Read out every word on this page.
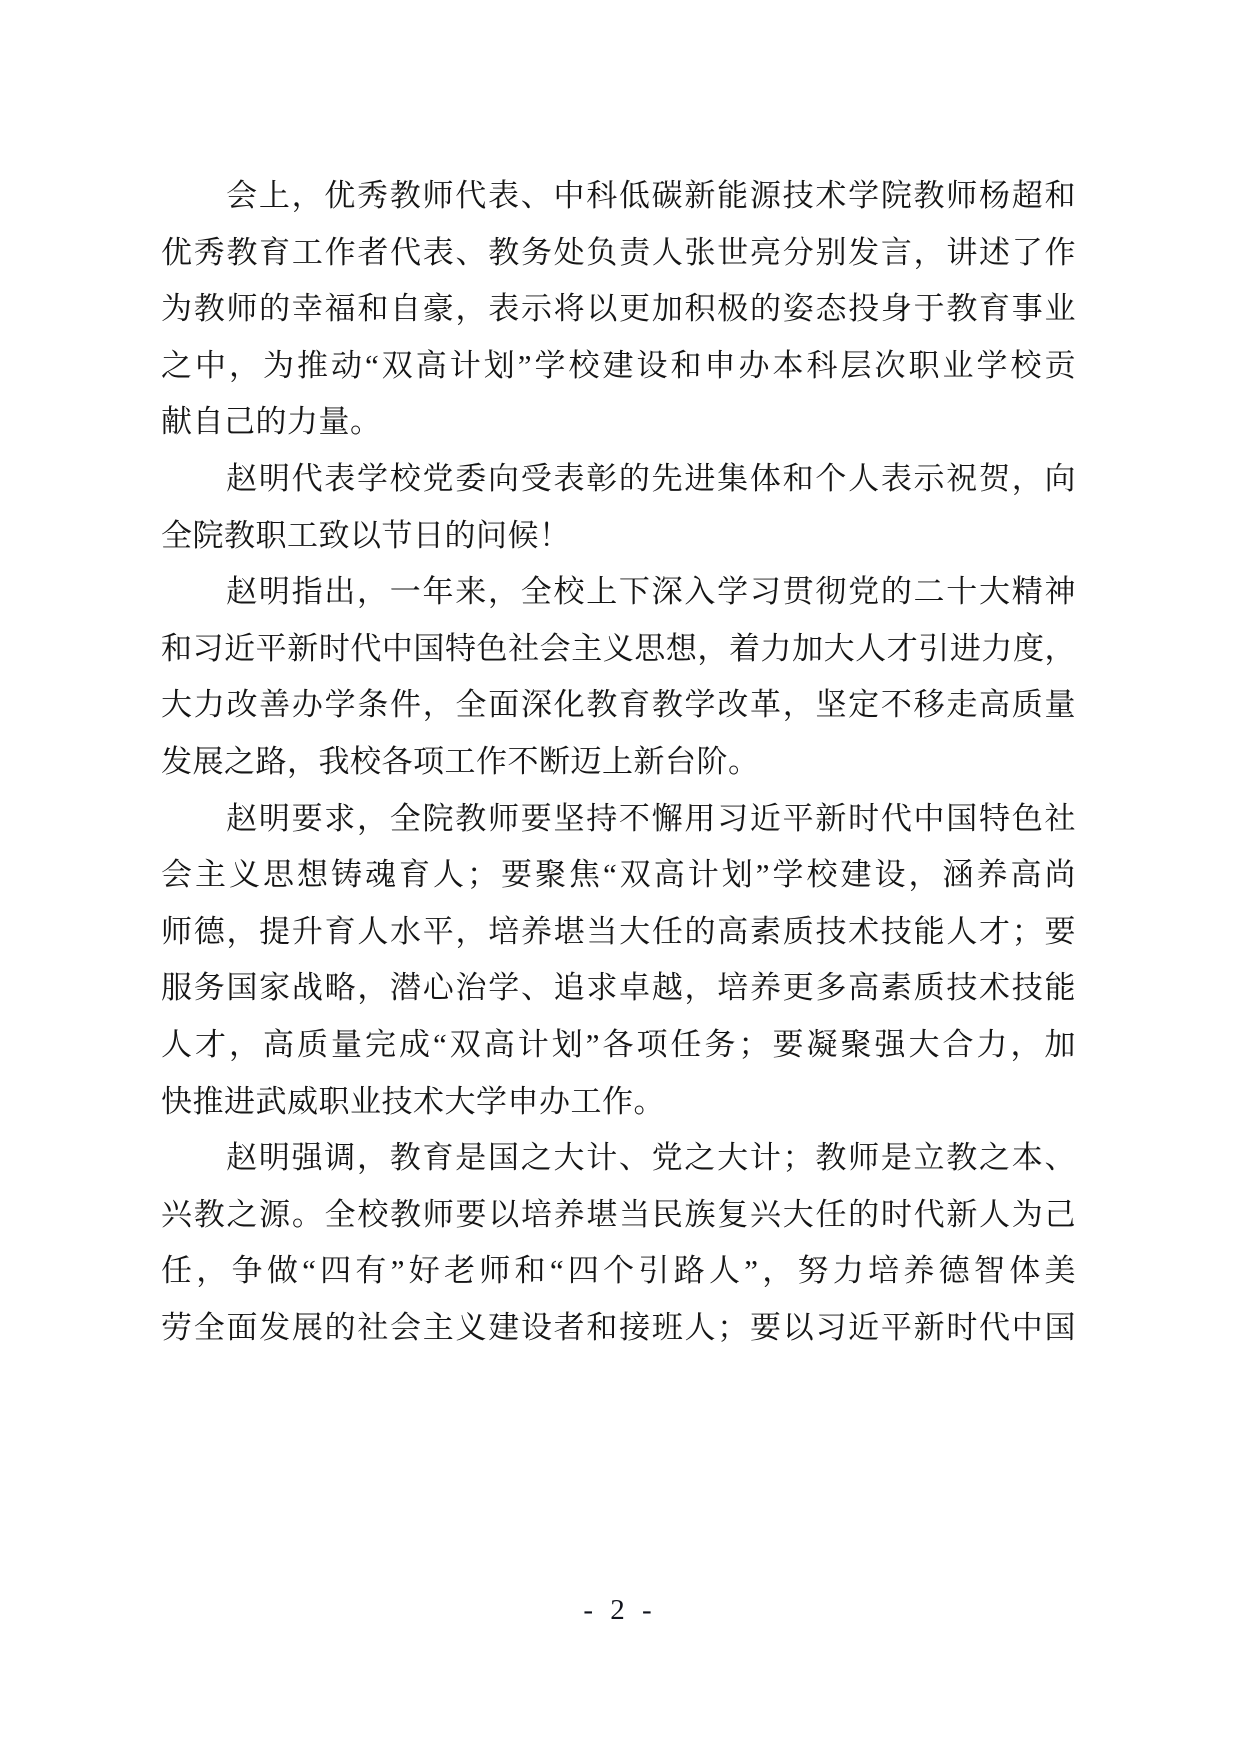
会上，优秀教师代表、中科低碳新能源技术学院教师杨超和
优秀教育工作者代表、教务处负责人张世亮分别发言，讲述了作
为教师的幸福和自豪，表示将以更加积极的姿态投身于教育事业
之中，为推动“双高计划”学校建设和申办本科层次职业学校贡
献自己的力量。
赵明代表学校党委向受表彰的先进集体和个人表示祝贺，向
全院教职工致以节日的问候！
赵明指出，一年来，全校上下深入学习贯彻党的二十大精神
和习近平新时代中国特色社会主义思想，着力加大人才引进力度，
大力改善办学条件，全面深化教育教学改革，坚定不移走高质量
发展之路，我校各项工作不断迈上新台阶。
赵明要求，全院教师要坚持不懈用习近平新时代中国特色社
会主义思想铸魂育人；要聚焦“双高计划”学校建设，涵养高尚
师德，提升育人水平，培养堪当大任的高素质技术技能人才；要
服务国家战略，潜心治学、追求卓越，培养更多高素质技术技能
人才，高质量完成“双高计划”各项任务；要凝聚强大合力，加
快推进武威职业技术大学申办工作。
赵明强调，教育是国之大计、党之大计；教师是立教之本、
兴教之源。全校教师要以培养堪当民族复兴大任的时代新人为己
任，争做“四有”好老师和“四个引路人”，努力培养德智体美
劳全面发展的社会主义建设者和接班人；要以习近平新时代中国
- 2 -
